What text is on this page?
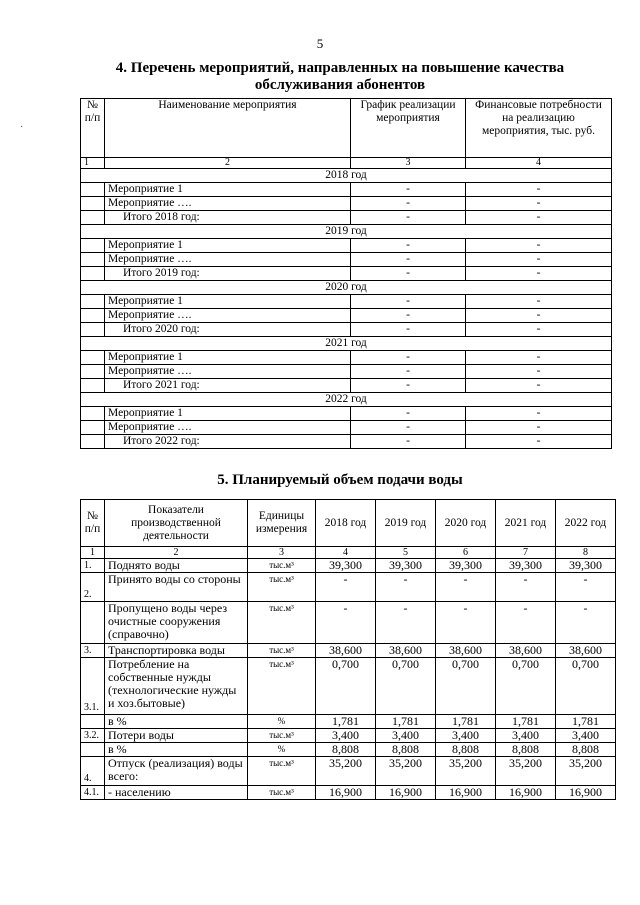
5
·
4. Перечень мероприятий, направленных на повышение качества обслуживания абонентов
№ п/п	Наименование мероприятия	График реализации мероприятия	Финансовые потребности на реализацию мероприятия, тыс. руб.
1	2	3	4
2018 год			
	Мероприятие 1	-	-
	Мероприятие ….	-	-
	Итого 2018 год:	-	-
2019 год			
	Мероприятие 1	-	-
	Мероприятие ….	-	-
	Итого 2019 год:	-	-
2020 год			
	Мероприятие 1	-	-
	Мероприятие ….	-	-
	Итого 2020 год:	-	-
2021 год			
	Мероприятие 1	-	-
	Мероприятие ….	-	-
	Итого 2021 год:	-	-
2022 год			
	Мероприятие 1	-	-
	Мероприятие ….	-	-
	Итого 2022 год:	-	-
5. Планируемый объем подачи воды
№ п/п	Показатели производственной деятельности	Единицы измерения	2018 год	2019 год	2020 год	2021 год	2022 год
1	2	3	4	5	6	7	8
1.	Поднято воды	тыс.м³	39,300	39,300	39,300	39,300	39,300
2.	Принято воды со стороны	тыс.м³	-	-	-	-	-
	Пропущено воды через очистные сооружения (справочно)	тыс.м³	-	-	-	-	-
3.	Транспортировка воды	тыс.м³	38,600	38,600	38,600	38,600	38,600
3.1.	Потребление на собственные нужды (технологические нужды и хоз.бытовые)	тыс.м³	0,700	0,700	0,700	0,700	0,700
	в %	%	1,781	1,781	1,781	1,781	1,781
3.2.	Потери воды	тыс.м³	3,400	3,400	3,400	3,400	3,400
	в %	%	8,808	8,808	8,808	8,808	8,808
4.	Отпуск (реализация) воды всего:	тыс.м³	35,200	35,200	35,200	35,200	35,200
4.1.	- населению	тыс.м³	16,900	16,900	16,900	16,900	16,900
